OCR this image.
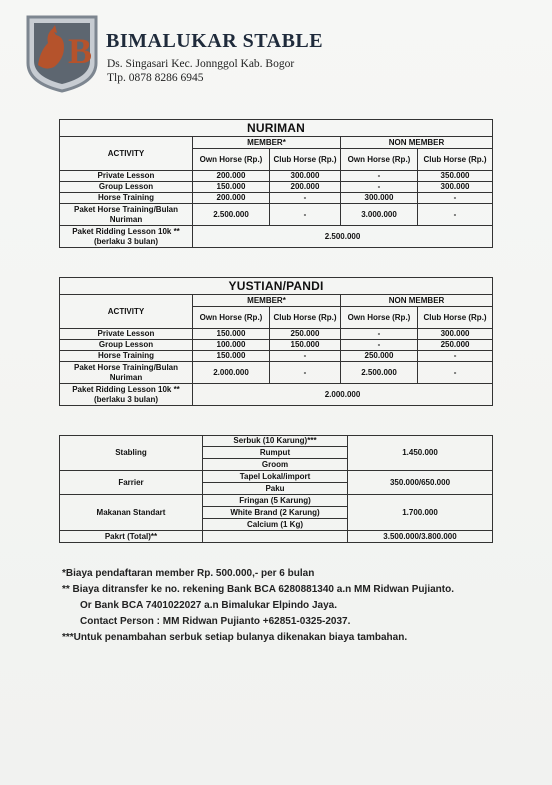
B BIMALUKAR STABLE
Ds. Singasari Kec. Jonnggol Kab. Bogor
Tlp. 0878 8286 6945
NURIMAN				
ACTIVITY	MEMBER*		NON MEMBER	
	Own Horse (Rp.)	Club Horse (Rp.)	Own Horse (Rp.)	Club Horse (Rp.)
Private Lesson	200.000	300.000	-	350.000
Group Lesson	150.000	200.000	-	300.000
Horse Training	200.000	-	300.000	-
Paket Horse Training/Bulan Nuriman	2.500.000	-	3.000.000	-
Paket Ridding Lesson 10k ** (berlaku 3 bulan)	2.500.000			
YUSTIAN/PANDI				
ACTIVITY	MEMBER*		NON MEMBER	
	Own Horse (Rp.)	Club Horse (Rp.)	Own Horse (Rp.)	Club Horse (Rp.)
Private Lesson	150.000	250.000	-	300.000
Group Lesson	100.000	150.000	-	250.000
Horse Training	150.000	-	250.000	-
Paket Horse Training/Bulan Nuriman	2.000.000	-	2.500.000	-
Paket Ridding Lesson 10k ** (berlaku 3 bulan)	2.000.000			
Stabling	Serbuk (10 Karung)***	1.450.000
	Rumput	
	Groom	
Farrier	Tapel Lokal/import	350.000/650.000
	Paku	
Makanan Standart	Fringan (5 Karung)	1.700.000
	White Brand (2 Karung)	
	Calcium (1 Kg)	
Pakrt (Total)**		3.500.000/3.800.000
*Biaya pendaftaran member Rp. 500.000,- per 6 bulan
** Biaya ditransfer ke no. rekening Bank BCA 6280881340 a.n MM Ridwan Pujianto.
Or Bank BCA 7401022027 a.n Bimalukar Elpindo Jaya.
Contact Person : MM Ridwan Pujianto +62851-0325-2037.
***Untuk penambahan serbuk setiap bulanya dikenakan biaya tambahan.
